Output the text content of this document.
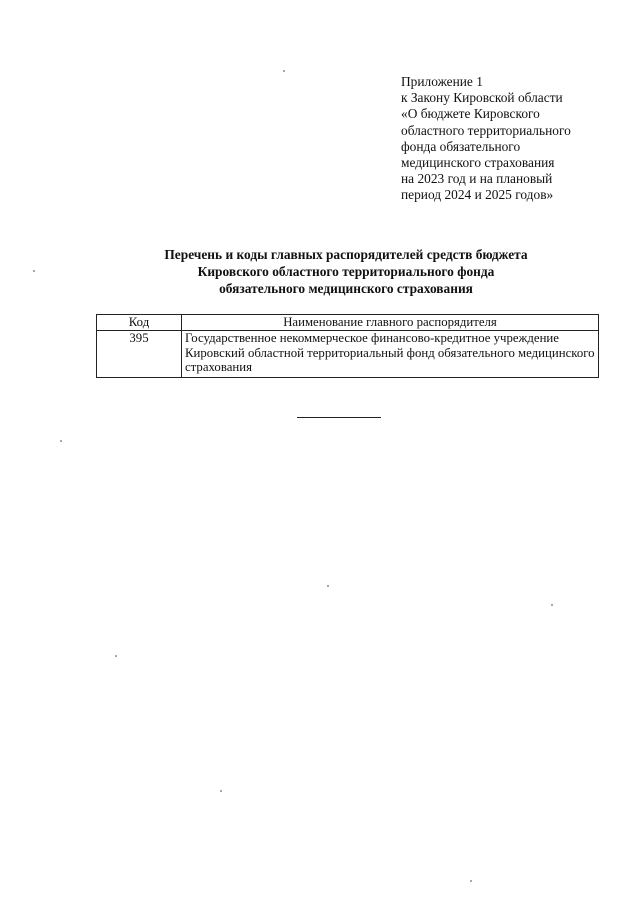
Приложение 1
к Закону Кировской области
«О бюджете Кировского
областного территориального
фонда обязательного
медицинского страхования
на 2023 год и на плановый
период 2024 и 2025 годов»
Перечень и коды главных распорядителей средств бюджета
Кировского областного территориального фонда
обязательного медицинского страхования
Код	Наименование главного распорядителя
395	Государственное некоммерческое финансово-кредитное учреждение Кировский областной территориальный фонд обязательного медицинского страхования
